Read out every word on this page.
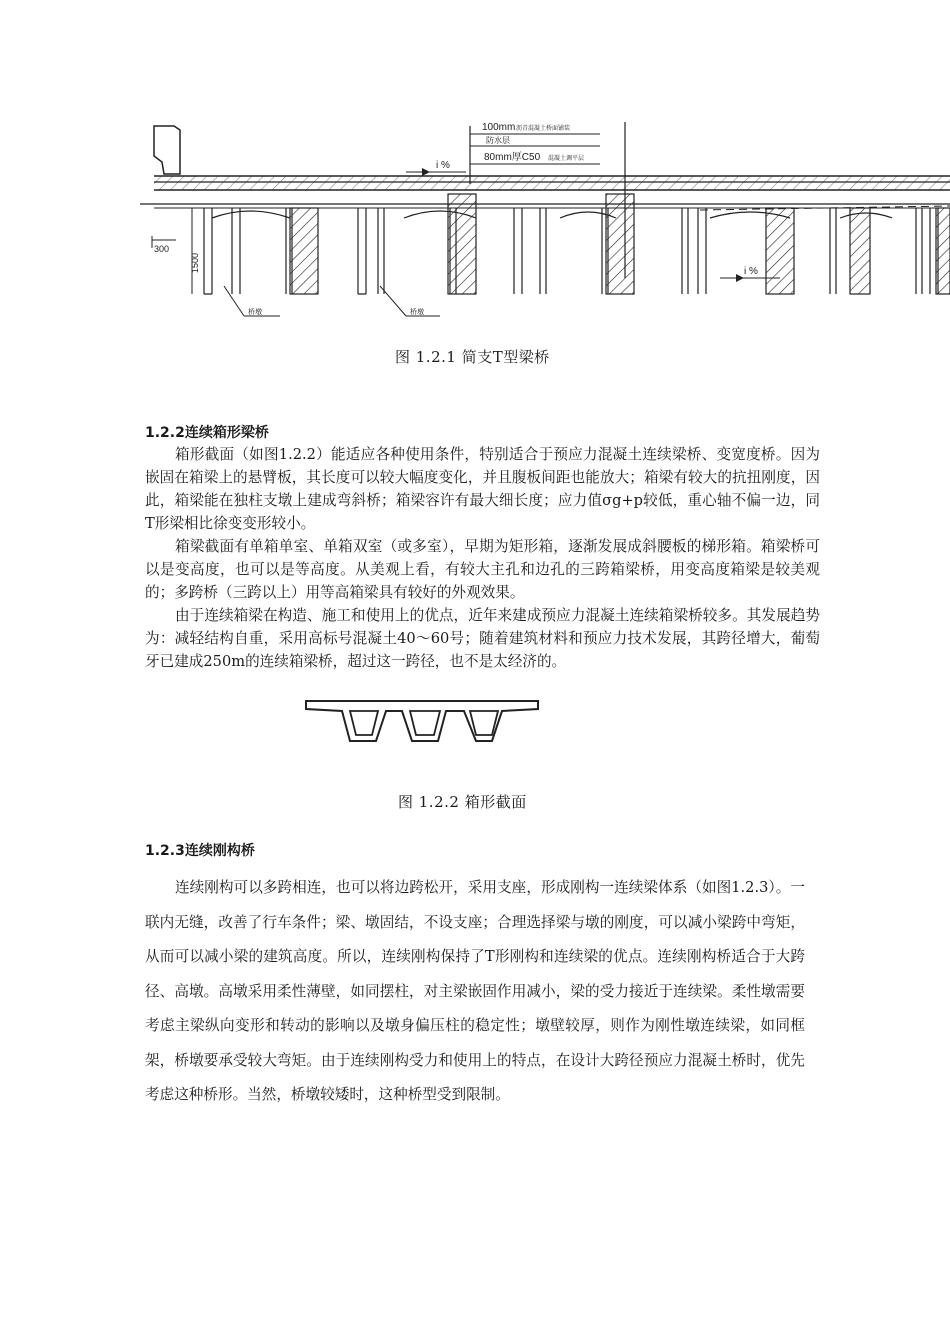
100mm 沥青混凝土桥面铺装
防水层
80mm厚C50 混凝土调平层
i %
300
1500	i %
桥墩	桥墩
图 1.2.1 简支T型梁桥
1.2.2连续箱形梁桥

箱形截面（如图1.2.2）能适应各种使用条件，特别适合于预应力混凝土连续梁桥、变宽度桥。因为嵌固在箱梁上的悬臂板，其长度可以较大幅度变化，并且腹板间距也能放大；箱梁有较大的抗扭刚度，因此，箱梁能在独柱支墩上建成弯斜桥；箱梁容许有最大细长度；应力值σg+p较低，重心轴不偏一边，同T形梁相比徐变变形较小。

箱梁截面有单箱单室、单箱双室（或多室），早期为矩形箱，逐渐发展成斜腰板的梯形箱。箱梁桥可以是变高度，也可以是等高度。从美观上看，有较大主孔和边孔的三跨箱梁桥，用变高度箱梁是较美观的；多跨桥（三跨以上）用等高箱梁具有较好的外观效果。

由于连续箱梁在构造、施工和使用上的优点，近年来建成预应力混凝土连续箱梁桥较多。其发展趋势为：减轻结构自重，采用高标号混凝土40～60号；随着建筑材料和预应力技术发展，其跨径增大，葡萄牙已建成250m的连续箱梁桥，超过这一跨径，也不是太经济的。

图 1.2.2 箱形截面
1.2.3连续刚构桥

连续刚构可以多跨相连，也可以将边跨松开，采用支座，形成刚构一连续梁体系（如图1.2.3）。一联内无缝，改善了行车条件；梁、墩固结，不设支座；合理选择梁与墩的刚度，可以减小梁跨中弯矩，从而可以减小梁的建筑高度。所以，连续刚构保持了T形刚构和连续梁的优点。连续刚构桥适合于大跨径、高墩。高墩采用柔性薄壁，如同摆柱，对主梁嵌固作用减小，梁的受力接近于连续梁。柔性墩需要考虑主梁纵向变形和转动的影响以及墩身偏压柱的稳定性；墩壁较厚，则作为刚性墩连续梁，如同框架，桥墩要承受较大弯矩。由于连续刚构受力和使用上的特点，在设计大跨径预应力混凝土桥时，优先考虑这种桥形。当然，桥墩较矮时，这种桥型受到限制。
